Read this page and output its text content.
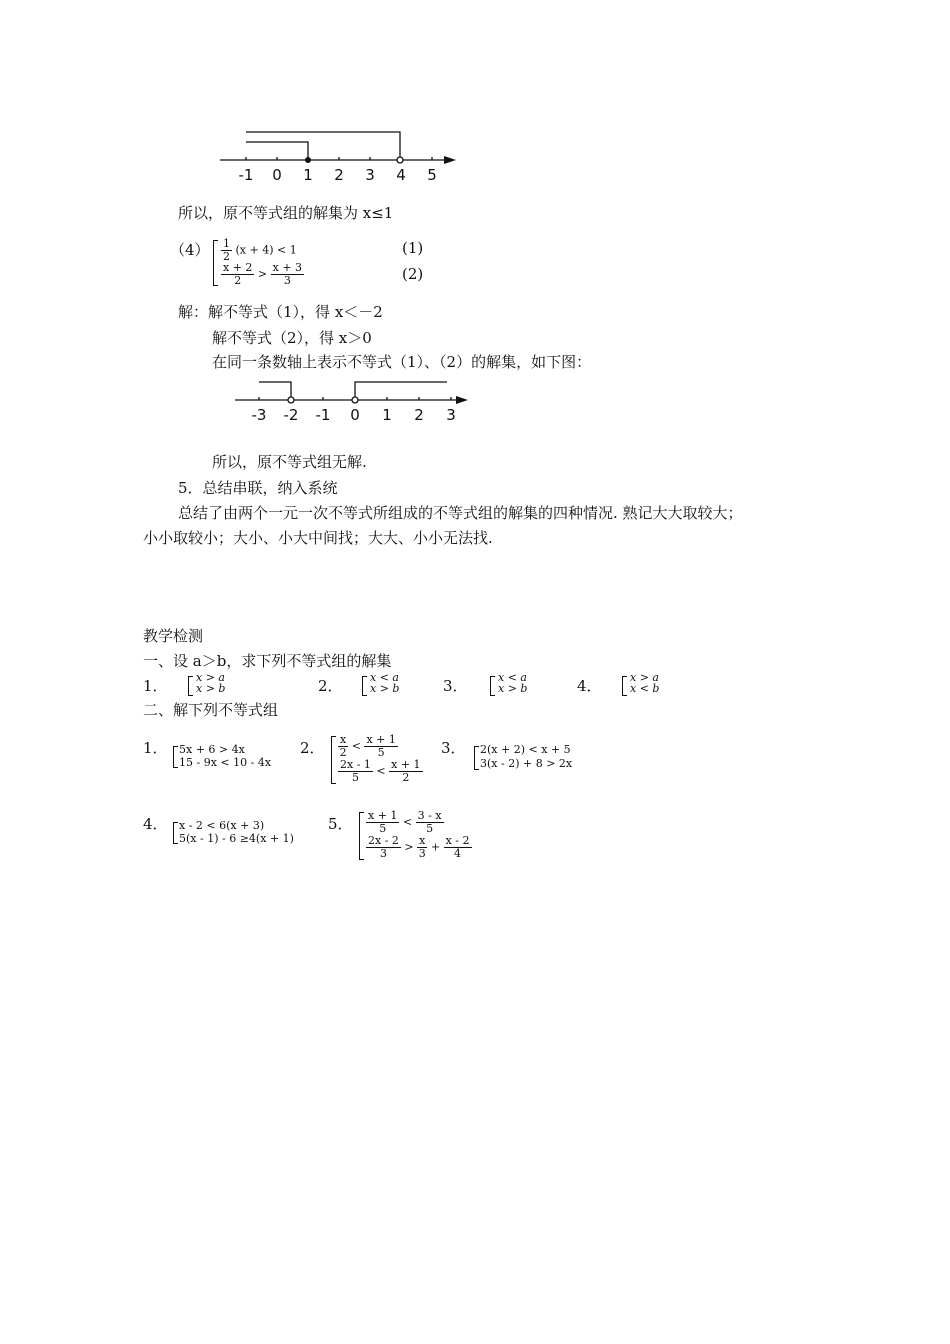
-1 0 1 2 3 4 5
所以，原不等式组的解集为 x≤1
$(4) \frac{1}{2} (x + 4) < 1$
$\frac{x + 2}{2} > \frac{x + 3}{3}$
(1)
(2)
解：解不等式（1），得 x＜－2
解不等式（2），得 x＞0
在同一条数轴上表示不等式（1）、（2）的解集，如下图：
-3 -2 -1 0 1 2 3
所以，原不等式组无解.
5．总结串联，纳入系统
总结了由两个一元一次不等式所组成的不等式组的解集的四种情况. 熟记大大取较大；
小小取较小；大小、小大中间找；大大、小小无法找.
教学检测
一、设 a＞b，求下列不等式组的解集
1．	x > a
x > b	2． x < a
x > b	3．	x < a
x > b	4．	x > a
x < b
二、解下列不等式组
1． 5x + 6 > 4x
15 - 9x < 10 - 4x
2． $\frac{x}{2} < \frac{x + 1}{5}$
$\frac{2x - 1}{5} < \frac{x + 1}{2}$
3． 2(x + 2) < x + 5
3(x - 2) + 8 > 2x
4． x - 2 < 6(x + 3)
5(x - 1) - 6 ≥4(x + 1)
5． $\frac{x + 1}{5} < \frac{3 - x}{5}$
$\frac{2x - 2}{3} > \frac{x}{3} + \frac{x - 2}{4}$
